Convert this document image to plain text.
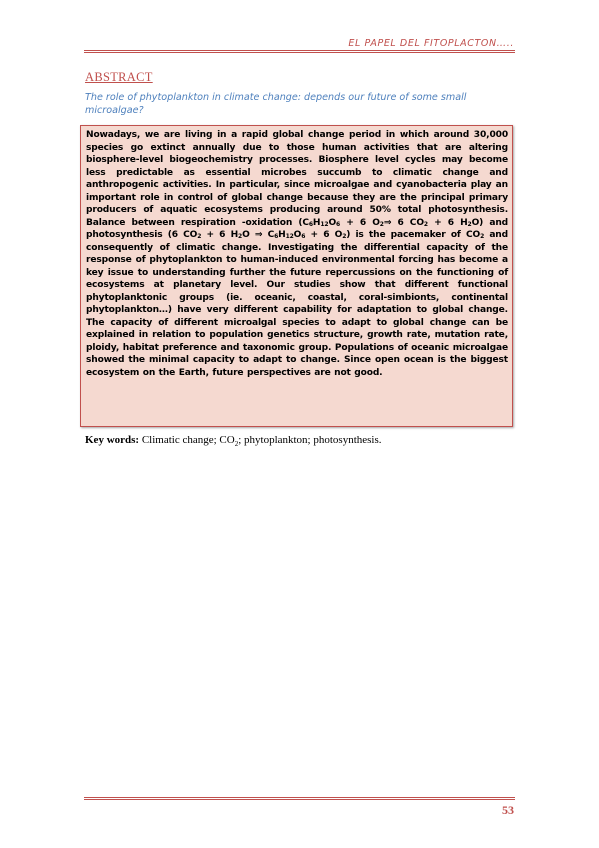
EL PAPEL DEL FITOPLACTON…..
ABSTRACT
The role of phytoplankton in climate change: depends our future of some small microalgae?

Nowadays, we are living in a rapid global change period in which around 30,000 species go extinct annually due to those human activities that are altering biosphere-level biogeochemistry processes. Biosphere level cycles may become less predictable as essential microbes succumb to climatic change and anthropogenic activities. In particular, since microalgae and cyanobacteria play an important role in control of global change because they are the principal primary producers of aquatic ecosystems producing around 50% total photosynthesis. Balance between respiration -oxidation ($C_6H_{12}O_6 + 6$ $O_2\Rightarrow$ 6 $CO_2 + 6$ $H_2O$) and photosynthesis (6 $CO_2 + 6$ $H_2O$ ⇒ $C_6H_{12}O_6 + 6$ $O_2$) is the pacemaker of $CO_2$ and consequently of climatic change. Investigating the differential capacity of the response of phytoplankton to human-induced environmental forcing has become a key issue to understanding further the future repercussions on the functioning of ecosystems at planetary level. Our studies show that different functional phytoplanktonic groups (ie. oceanic, coastal, coral-simbionts, continental phytoplankton…) have very different capability for adaptation to global change. The capacity of different microalgal species to adapt to global change can be explained in relation to population genetics structure, growth rate, mutation rate, ploidy, habitat preference and taxonomic group. Populations of oceanic microalgae showed the minimal capacity to adapt to change. Since open ocean is the biggest ecosystem on the Earth, future perspectives are not good.

Key words: Climatic change; $CO_2$; phytoplankton; photosynthesis.
53
